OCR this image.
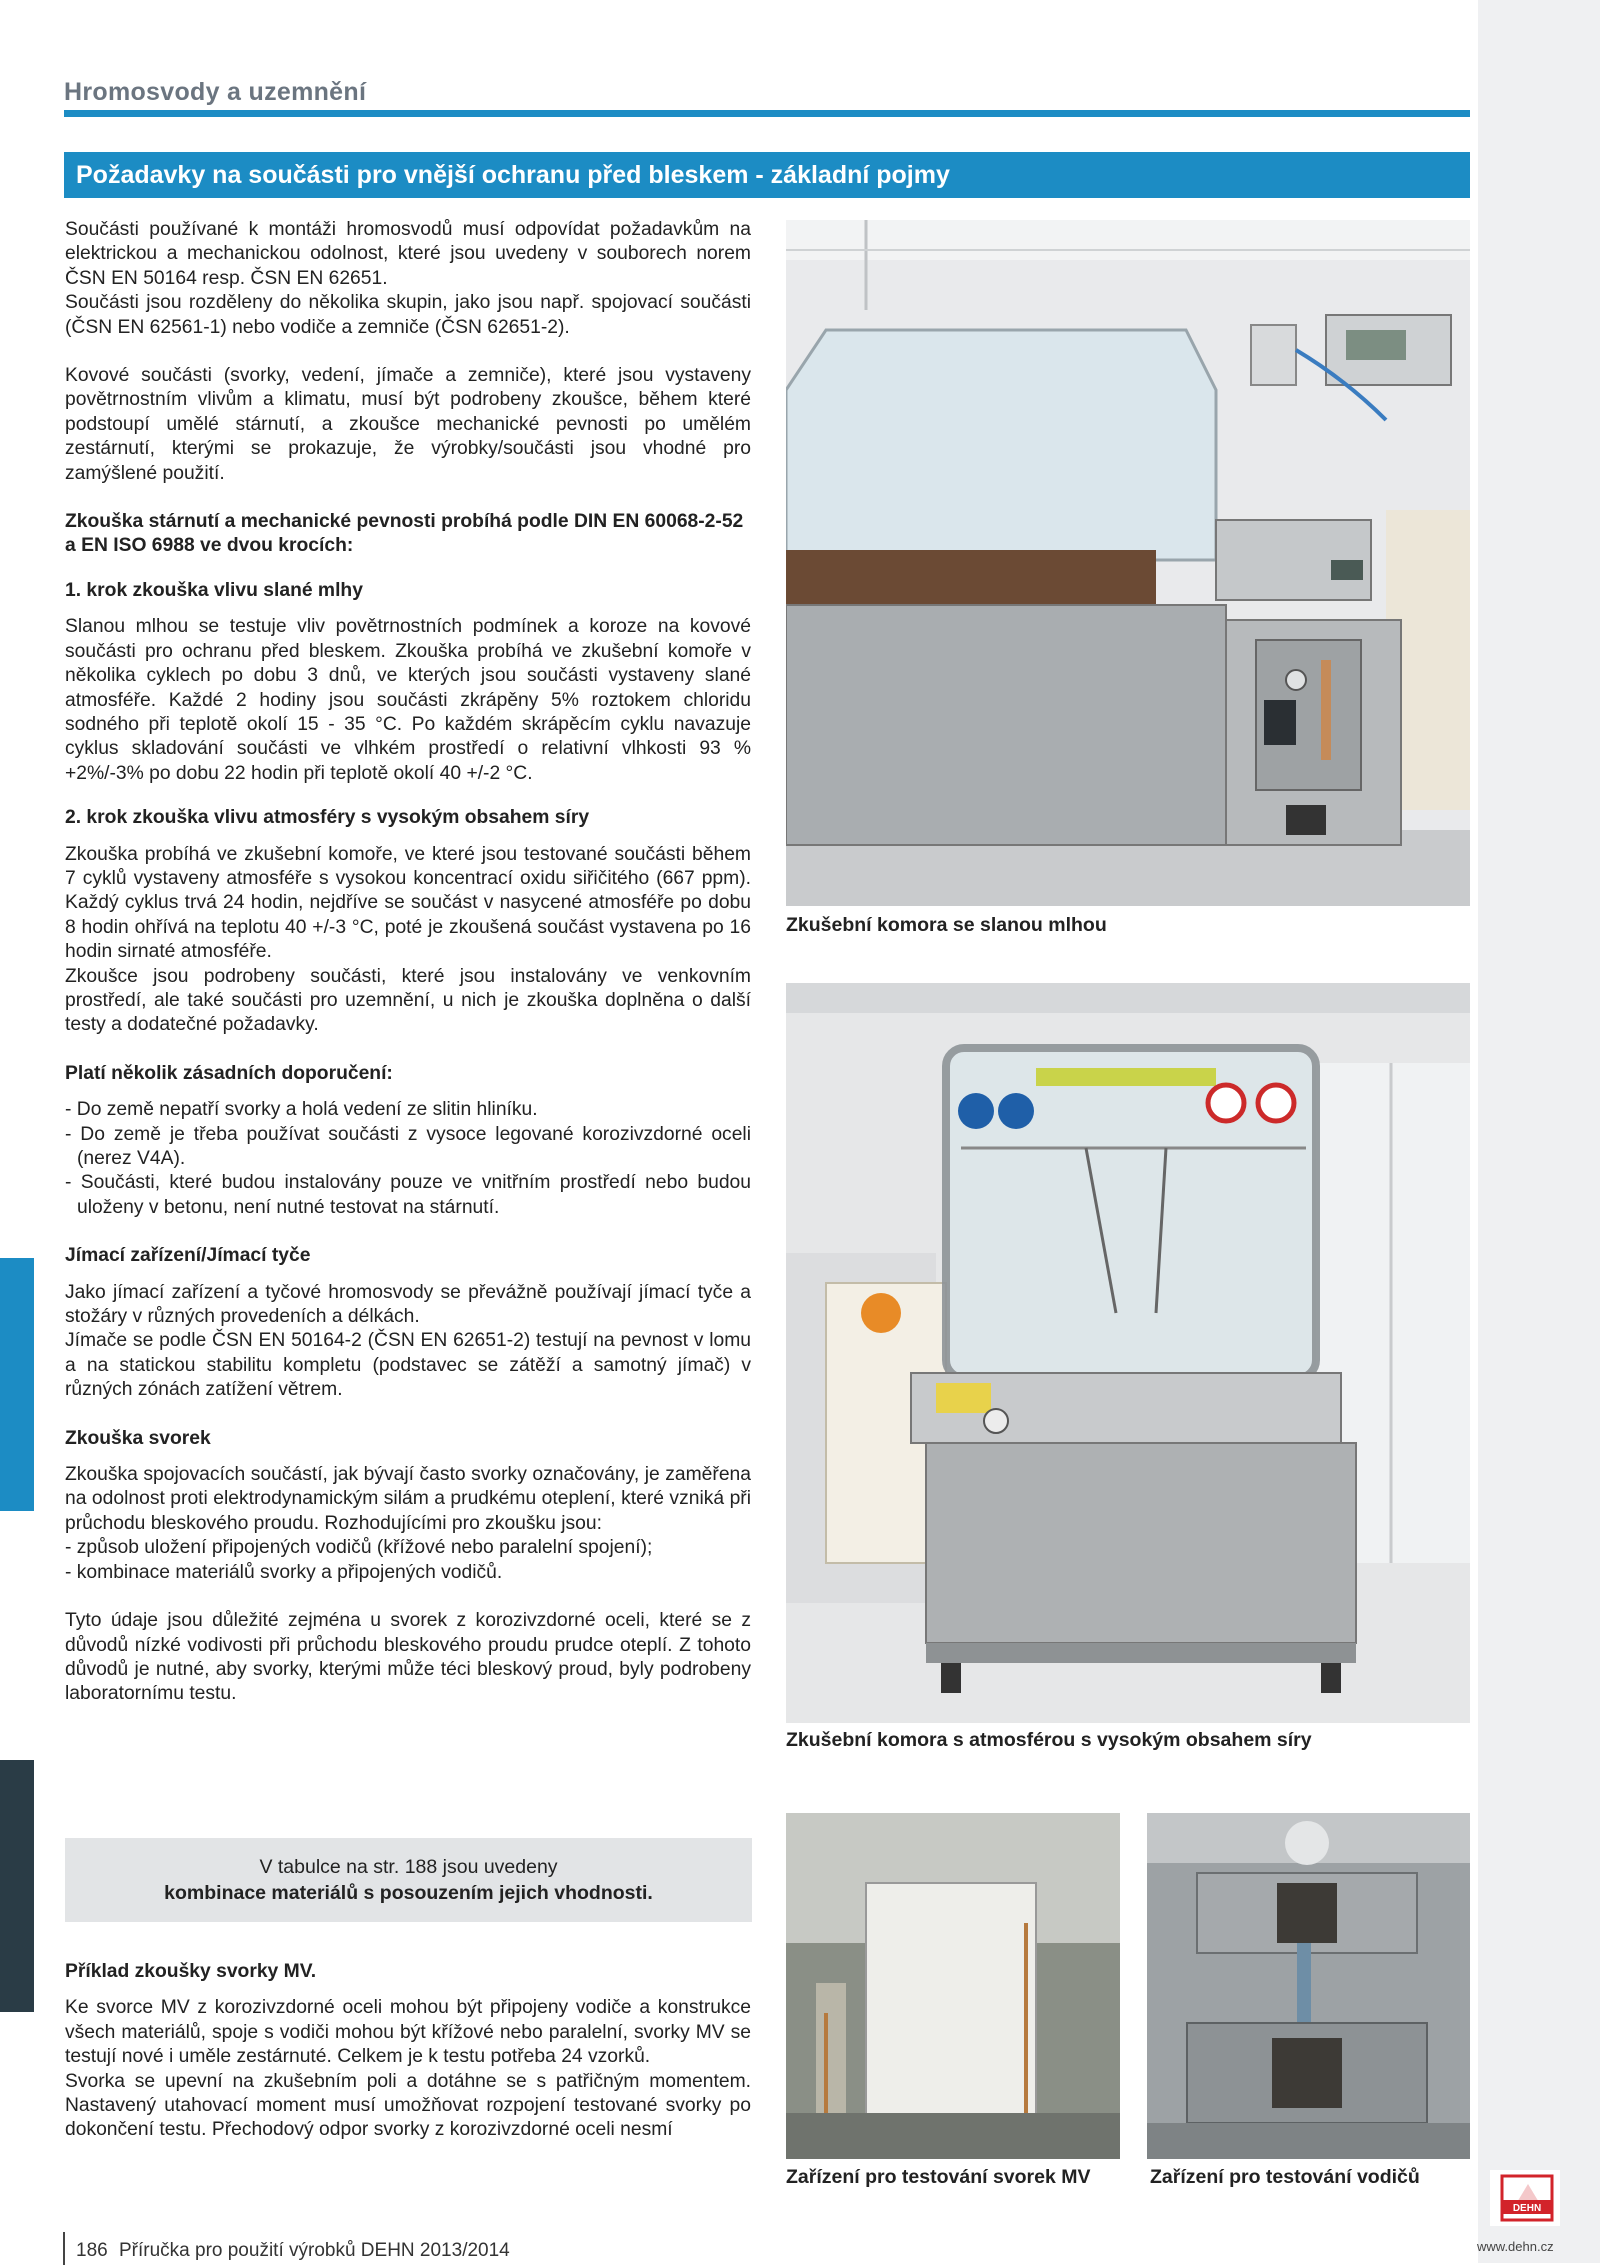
Hromosvody a uzemnění
Požadavky na součásti pro vnější ochranu před bleskem - základní pojmy

Součásti používané k montáži hromosvodů musí odpovídat požadavkům na elektrickou a mechanickou odolnost, které jsou uvedeny v souborech norem ČSN EN 50164 resp. ČSN EN 62651.

Součásti jsou rozděleny do několika skupin, jako jsou např. spojovací součásti (ČSN EN 62561-1) nebo vodiče a zemniče (ČSN 62651-2).

Kovové součásti (svorky, vedení, jímače a zemniče), které jsou vystaveny povětrnostním vlivům a klimatu, musí být podrobeny zkoušce, během které podstoupí umělé stárnutí, a zkoušce mechanické pevnosti po umělém zestárnutí, kterými se prokazuje, že výrobky/součásti jsou vhodné pro zamýšlené použití.

Zkouška stárnutí a mechanické pevnosti probíhá podle DIN EN 60068-2-52 a EN ISO 6988 ve dvou krocích:
1. krok zkouška vlivu slané mlhy

Slanou mlhou se testuje vliv povětrnostních podmínek a koroze na kovové součásti pro ochranu před bleskem. Zkouška probíhá ve zkušební komoře v několika cyklech po dobu 3 dnů, ve kterých jsou součásti vystaveny slané atmosféře. Každé 2 hodiny jsou součásti zkrápěny 5% roztokem chloridu sodného při teplotě okolí 15 - 35 °C. Po každém skrápěcím cyklu navazuje cyklus skladování součásti ve vlhkém prostředí o relativní vlhkosti 93 % +2%/-3% po dobu 22 hodin při teplotě okolí 40 +/-2 °C.

2. krok zkouška vlivu atmosféry s vysokým obsahem síry

Zkouška probíhá ve zkušební komoře, ve které jsou testované součásti během 7 cyklů vystaveny atmosféře s vysokou koncentrací oxidu siřičitého (667 ppm). Každý cyklus trvá 24 hodin, nejdříve se součást v nasycené atmosféře po dobu 8 hodin ohřívá na teplotu 40 +/-3 °C, poté je zkoušená součást vystavena po 16 hodin sirnaté atmosféře.

Zkoušce jsou podrobeny součásti, které jsou instalovány ve venkovním prostředí, ale také součásti pro uzemnění, u nich je zkouška doplněna o další testy a dodatečné požadavky.

Platí několik zásadních doporučení:

- Do země nepatří svorky a holá vedení ze slitin hliníku.

- Do země je třeba používat součásti z vysoce legované korozivzdorné oceli (nerez V4A).

- Součásti, které budou instalovány pouze ve vnitřním prostředí nebo budou uloženy v betonu, není nutné testovat na stárnutí.

Jímací zařízení/Jímací tyče

Jako jímací zařízení a tyčové hromosvody se převážně používají jímací tyče a stožáry v různých provedeních a délkách.

Jímače se podle ČSN EN 50164-2 (ČSN EN 62651-2) testují na pevnost v lomu a na statickou stabilitu kompletu (podstavec se zátěží a samotný jímač) v různých zónách zatížení větrem.

Zkouška svorek

Zkouška spojovacích součástí, jak bývají často svorky označovány, je zaměřena na odolnost proti elektrodynamickým silám a prudkému oteplení, které vzniká při průchodu bleskového proudu. Rozhodujícími pro zkoušku jsou:

- způsob uložení připojených vodičů (křížové nebo paralelní spojení);

- kombinace materiálů svorky a připojených vodičů.

Tyto údaje jsou důležité zejména u svorek z korozivzdorné oceli, které se z důvodů nízké vodivosti při průchodu bleskového proudu prudce oteplí. Z tohoto důvodů je nutné, aby svorky, kterými může téci bleskový proud, byly podrobeny laboratornímu testu.

V tabulce na str. 188 jsou uvedeny
kombinace materiálů s posouzením jejich vhodnosti.
Příklad zkoušky svorky MV.

Ke svorce MV z korozivzdorné oceli mohou být připojeny vodiče a konstrukce všech materiálů, spoje s vodiči mohou být křížové nebo paralelní, svorky MV se testují nové i uměle zestárnuté. Celkem je k testu potřeba 24 vzorků.

Svorka se upevní na zkušebním poli a dotáhne se s patřičným momentem. Nastavený utahovací moment musí umožňovat rozpojení testované svorky po dokončení testu. Přechodový odpor svorky z korozivzdorné oceli nesmí

Zkušební komora se slanou mlhou
Zkušební komora s atmosférou s vysokým obsahem síry
Zařízení pro testování svorek MV	Zařízení pro testování vodičů
DEHN
www.dehn.cz
186 Příručka pro použití výrobků DEHN 2013/2014
